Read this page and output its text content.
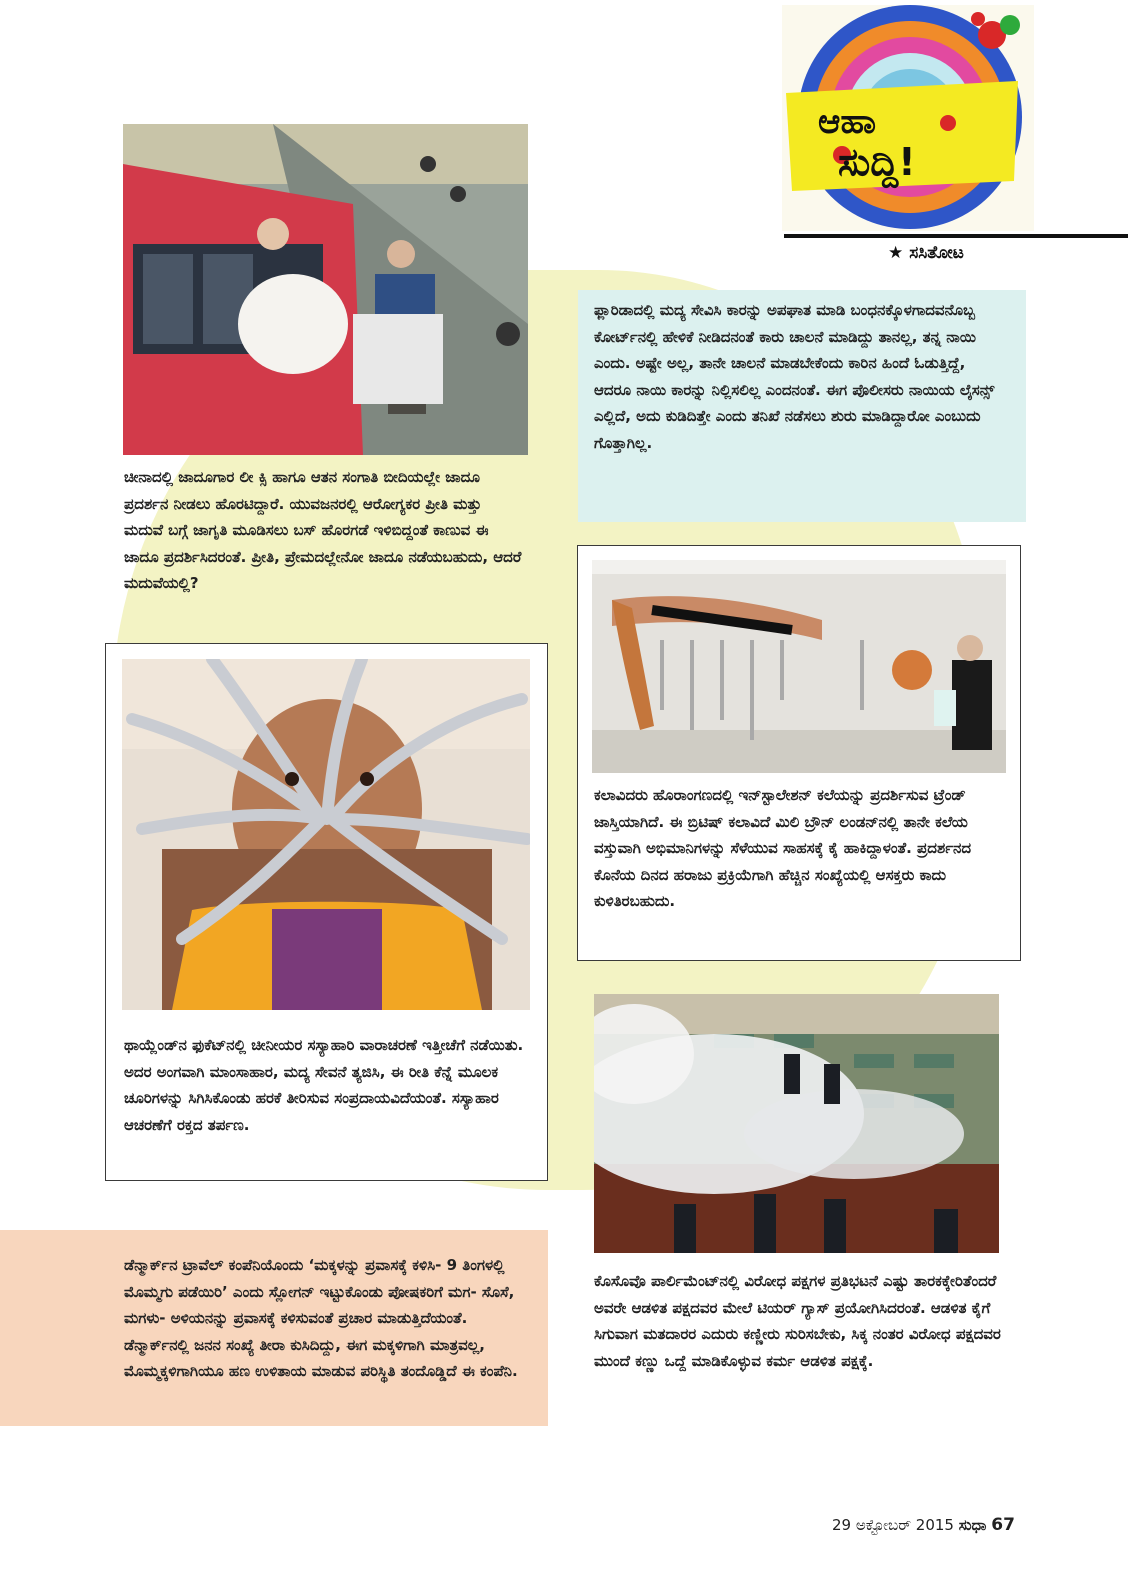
ಆಹಾ
ಸುದ್ದಿ!
★ ಸಸಿತೋಟ

ಚೀನಾದಲ್ಲಿ ಜಾದೂಗಾರ ಲೀ ಕ್ಸಿ ಹಾಗೂ ಆತನ ಸಂಗಾತಿ ಬೀದಿಯಲ್ಲೇ ಜಾದೂ ಪ್ರದರ್ಶನ ನೀಡಲು ಹೊರಟಿದ್ದಾರೆ. ಯುವಜನರಲ್ಲಿ ಆರೋಗ್ಯಕರ ಪ್ರೀತಿ ಮತ್ತು ಮದುವೆ ಬಗ್ಗೆ ಜಾಗೃತಿ ಮೂಡಿಸಲು ಬಸ್ ಹೊರಗಡೆ ಇಳಿಬಿದ್ದಂತೆ ಕಾಣುವ ಈ ಜಾದೂ ಪ್ರದರ್ಶಿಸಿದರಂತೆ. ಪ್ರೀತಿ, ಪ್ರೇಮದಲ್ಲೇನೋ ಜಾದೂ ನಡೆಯಬಹುದು, ಆದರೆ ಮದುವೆಯಲ್ಲಿ?

ಫ್ಲಾರಿಡಾದಲ್ಲಿ ಮದ್ಯ ಸೇವಿಸಿ ಕಾರನ್ನು ಅಪಘಾತ ಮಾಡಿ ಬಂಧನಕ್ಕೊಳಗಾದವನೊಬ್ಬ ಕೋರ್ಟ್‌ನಲ್ಲಿ ಹೇಳಿಕೆ ನೀಡಿದನಂತೆ ಕಾರು ಚಾಲನೆ ಮಾಡಿದ್ದು ತಾನಲ್ಲ, ತನ್ನ ನಾಯಿ ಎಂದು. ಅಷ್ಟೇ ಅಲ್ಲ, ತಾನೇ ಚಾಲನೆ ಮಾಡಬೇಕೆಂದು ಕಾರಿನ ಹಿಂದೆ ಓಡುತ್ತಿದ್ದೆ, ಆದರೂ ನಾಯಿ ಕಾರನ್ನು ನಿಲ್ಲಿಸಲಿಲ್ಲ ಎಂದನಂತೆ. ಈಗ ಪೊಲೀಸರು ನಾಯಿಯ ಲೈಸನ್ಸ್ ಎಲ್ಲಿದೆ, ಅದು ಕುಡಿದಿತ್ತೇ ಎಂದು ತನಿಖೆ ನಡೆಸಲು ಶುರು ಮಾಡಿದ್ದಾರೋ ಎಂಬುದು ಗೊತ್ತಾಗಿಲ್ಲ.

ಕಲಾವಿದರು ಹೊರಾಂಗಣದಲ್ಲಿ ಇನ್‌ಸ್ಟಾಲೇಶನ್ ಕಲೆಯನ್ನು ಪ್ರದರ್ಶಿಸುವ ಟ್ರೆಂಡ್ ಜಾಸ್ತಿಯಾಗಿದೆ. ಈ ಬ್ರಿಟಿಷ್ ಕಲಾವಿದೆ ಮಿಲಿ ಬ್ರೌನ್ ಲಂಡನ್‌ನಲ್ಲಿ ತಾನೇ ಕಲೆಯ ವಸ್ತುವಾಗಿ ಅಭಿಮಾನಿಗಳನ್ನು ಸೆಳೆಯುವ ಸಾಹಸಕ್ಕೆ ಕೈ ಹಾಕಿದ್ದಾಳಂತೆ. ಪ್ರದರ್ಶನದ ಕೊನೆಯ ದಿನದ ಹರಾಜು ಪ್ರಕ್ರಿಯೆಗಾಗಿ ಹೆಚ್ಚಿನ ಸಂಖ್ಯೆಯಲ್ಲಿ ಆಸಕ್ತರು ಕಾದು ಕುಳಿತಿರಬಹುದು.

ಥಾಯ್ಲೆಂಡ್‌ನ ಫುಕೆಟ್‌ನಲ್ಲಿ ಚೀನೀಯರ ಸಸ್ಯಾಹಾರಿ ವಾರಾಚರಣೆ ಇತ್ತೀಚೆಗೆ ನಡೆಯಿತು. ಅದರ ಅಂಗವಾಗಿ ಮಾಂಸಾಹಾರ, ಮದ್ಯ ಸೇವನೆ ತ್ಯಜಿಸಿ, ಈ ರೀತಿ ಕೆನ್ನೆ ಮೂಲಕ ಚೂರಿಗಳನ್ನು ಸಿಗಿಸಿಕೊಂಡು ಹರಕೆ ತೀರಿಸುವ ಸಂಪ್ರದಾಯವಿದೆಯಂತೆ. ಸಸ್ಯಾಹಾರ ಆಚರಣೆಗೆ ರಕ್ತದ ತರ್ಪಣ.

ಕೊಸೊವೊ ಪಾರ್ಲಿಮೆಂಟ್‌ನಲ್ಲಿ ವಿರೋಧ ಪಕ್ಷಗಳ ಪ್ರತಿಭಟನೆ ಎಷ್ಟು ತಾರಕಕ್ಕೇರಿತೆಂದರೆ ಅವರೇ ಆಡಳಿತ ಪಕ್ಷದವರ ಮೇಲೆ ಟಿಯರ್ ಗ್ಯಾಸ್ ಪ್ರಯೋಗಿಸಿದರಂತೆ. ಆಡಳಿತ ಕೈಗೆ ಸಿಗುವಾಗ ಮತದಾರರ ಎದುರು ಕಣ್ಣೀರು ಸುರಿಸಬೇಕು, ಸಿಕ್ಕ ನಂತರ ವಿರೋಧ ಪಕ್ಷದವರ ಮುಂದೆ ಕಣ್ಣು ಒದ್ದೆ ಮಾಡಿಕೊಳ್ಳುವ ಕರ್ಮ ಆಡಳಿತ ಪಕ್ಷಕ್ಕೆ.

ಡೆನ್ಮಾರ್ಕ್‌ನ ಟ್ರಾವೆಲ್ ಕಂಪೆನಿಯೊಂದು ‘ಮಕ್ಕಳನ್ನು ಪ್ರವಾಸಕ್ಕೆ ಕಳಿಸಿ- 9 ತಿಂಗಳಲ್ಲಿ ಮೊಮ್ಮಗು ಪಡೆಯಿರಿ’ ಎಂದು ಸ್ಲೋಗನ್ ಇಟ್ಟುಕೊಂಡು ಪೋಷಕರಿಗೆ ಮಗ- ಸೊಸೆ, ಮಗಳು- ಅಳಿಯನನ್ನು ಪ್ರವಾಸಕ್ಕೆ ಕಳಿಸುವಂತೆ ಪ್ರಚಾರ ಮಾಡುತ್ತಿದೆಯಂತೆ. ಡೆನ್ಮಾರ್ಕ್‌ನಲ್ಲಿ ಜನನ ಸಂಖ್ಯೆ ತೀರಾ ಕುಸಿದಿದ್ದು, ಈಗ ಮಕ್ಕಳಿಗಾಗಿ ಮಾತ್ರವಲ್ಲ, ಮೊಮ್ಮಕ್ಕಳಿಗಾಗಿಯೂ ಹಣ ಉಳಿತಾಯ ಮಾಡುವ ಪರಿಸ್ಥಿತಿ ತಂದೊಡ್ಡಿದೆ ಈ ಕಂಪೆನಿ.

29 ಅಕ್ಟೋಬರ್ 2015 ಸುಧಾ 67
